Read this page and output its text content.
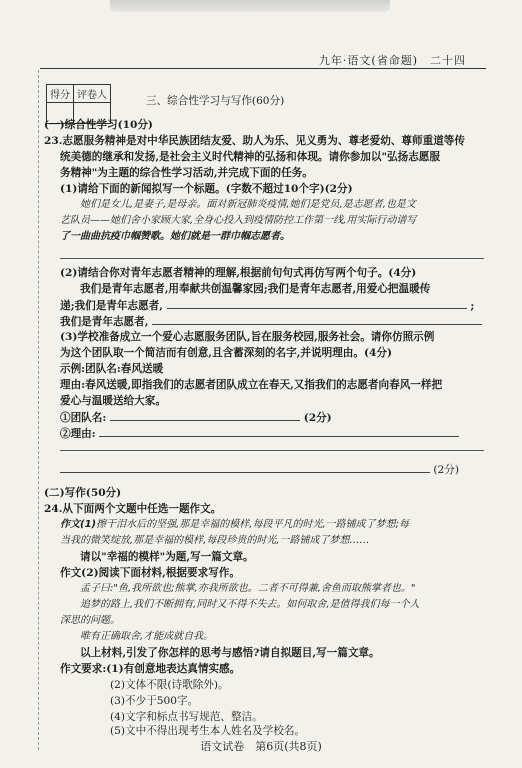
九年·语文(省命题)　二十四
得分	评卷人
		三、综合性学习与写作(60分)
(一)综合性学习(10分)
23.志愿服务精神是对中华民族团结友爱、助人为乐、见义勇为、尊老爱幼、尊师重道等传
统美德的继承和发扬,是社会主义时代精神的弘扬和体现。请你参加以"弘扬志愿服
务精神"为主题的综合性学习活动,并完成下面的任务。
(1)请给下面的新闻拟写一个标题。(字数不超过10个字)(2分)
她们是女儿,是妻子,是母亲。面对新冠肺炎疫情,她们是党员,是志愿者,也是文
艺队员——她们舍小家顾大家,全身心投入到疫情防控工作第一线,用实际行动谱写
了一曲曲抗疫巾帼赞歌。她们就是一群巾帼志愿者。
(2)请结合你对青年志愿者精神的理解,根据前句句式再仿写两个句子。(4分)
我们是青年志愿者,用奉献共创温馨家园;我们是青年志愿者,用爱心把温暖传
递;我们是青年志愿者,	;
我们是青年志愿者,
(3)学校准备成立一个爱心志愿服务团队,旨在服务校园,服务社会。请你仿照示例
为这个团队取一个简洁而有创意,且含蓄深刻的名字,并说明理由。(4分)
示例:团队名:春风送暖
理由:春风送暖,即指我们的志愿者团队成立在春天,又指我们的志愿者向春风一样把
爱心与温暖送给大家。
①团队名:	(2分)
②理由:
(2分)
(二)写作(50分)
24.从下面两个文题中任选一题作文。
作文(1)擦干泪水后的坚强,那是幸福的模样,每段平凡的时光,一路铺成了梦想;每
当我的微笑绽放,那是幸福的模样,每段珍贵的时光,一路铺成了梦想……
请以"幸福的模样"为题,写一篇文章。
作文(2)阅读下面材料,根据要求写作。
孟子曰:"鱼,我所欲也;熊掌,亦我所欲也。二者不可得兼,舍鱼而取熊掌者也。"
追梦的路上,我们不断拥有,同时又不得不失去。如何取舍,是值得我们每一个人
深思的问题。
唯有正确取舍,才能成就自我。
以上材料,引发了你怎样的思考与感悟?请自拟题目,写一篇文章。
作文要求:(1)有创意地表达真情实感。
(2)文体不限(诗歌除外)。
(3)不少于500字。
(4)文字和标点书写规范、整洁。
(5)文中不得出现考生本人姓名及学校名。
语文试卷　第6页(共8页)
